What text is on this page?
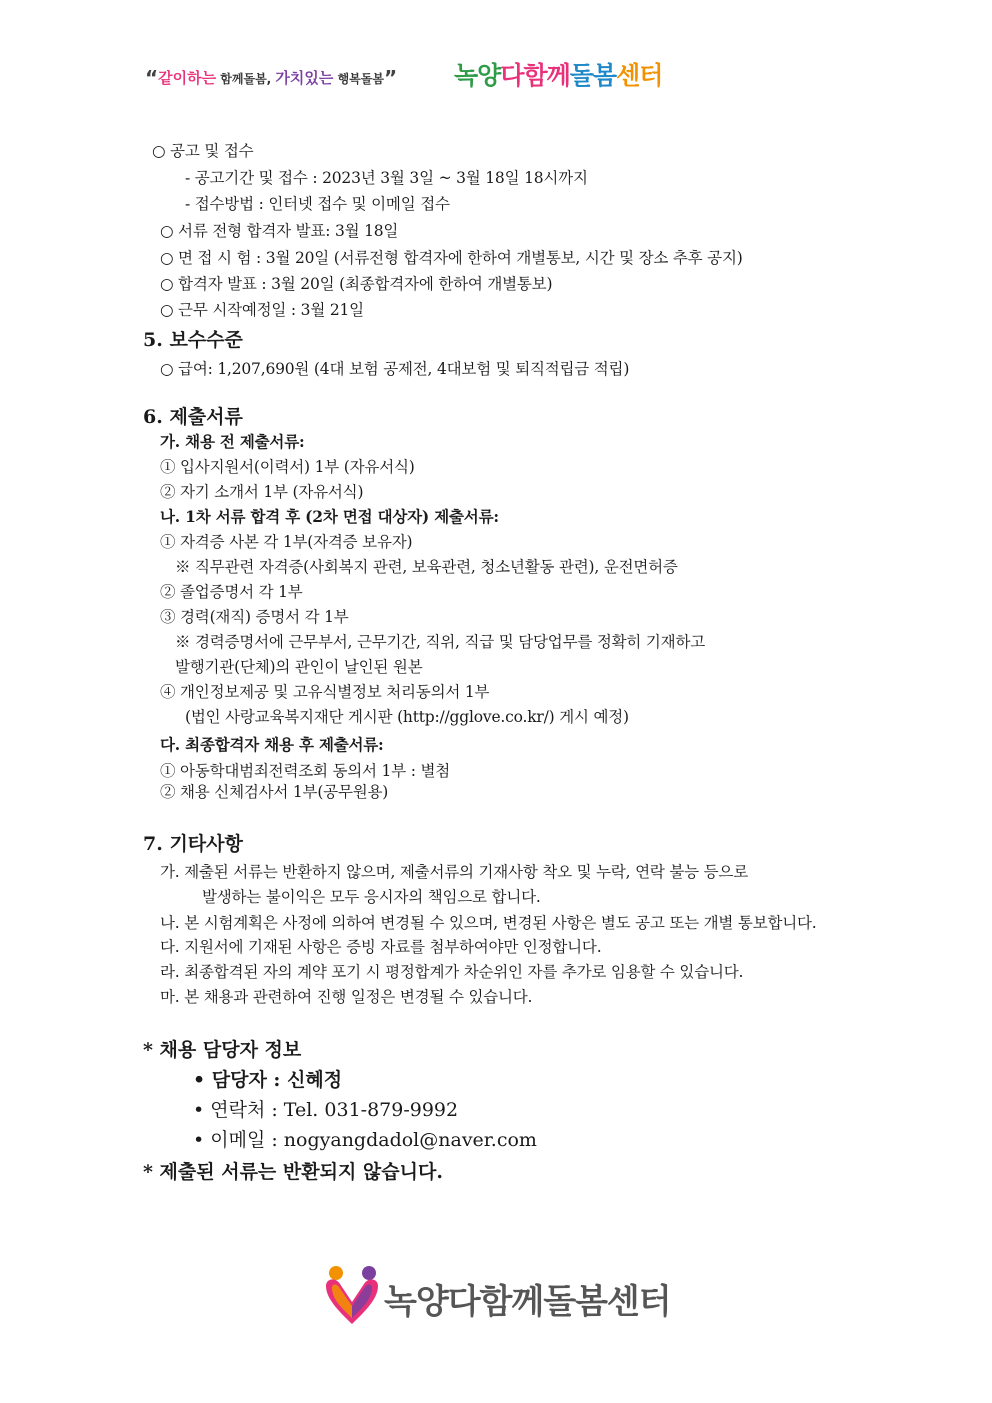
“같이하는 함께돌봄, 가치있는 행복돌봄” 녹양다함께돌봄센터
○ 공고 및 접수
- 공고기간 및 접수 : 2023년 3월 3일 ~ 3월 18일 18시까지
- 접수방법 : 인터넷 접수 및 이메일 접수
○ 서류 전형 합격자 발표: 3월 18일
○ 면 접 시 험 : 3월 20일 (서류전형 합격자에 한하여 개별통보, 시간 및 장소 추후 공지)
○ 합격자 발표 : 3월 20일 (최종합격자에 한하여 개별통보)
○ 근무 시작예정일 : 3월 21일
5. 보수수준
○ 급여: 1,207,690원 (4대 보험 공제전, 4대보험 및 퇴직적립금 적립)
6. 제출서류
가. 채용 전 제출서류:
① 입사지원서(이력서) 1부 (자유서식)
② 자기 소개서 1부 (자유서식)
나. 1차 서류 합격 후 (2차 면접 대상자) 제출서류:
① 자격증 사본 각 1부(자격증 보유자)
※ 직무관련 자격증(사회복지 관련, 보육관련, 청소년활동 관련), 운전면허증
② 졸업증명서 각 1부
③ 경력(재직) 증명서 각 1부
※ 경력증명서에 근무부서, 근무기간, 직위, 직급 및 담당업무를 정확히 기재하고
발행기관(단체)의 관인이 날인된 원본
④ 개인정보제공 및 고유식별정보 처리동의서 1부
(법인 사랑교육복지재단 게시판 (http://gglove.co.kr/) 게시 예정)
다. 최종합격자 채용 후 제출서류:
① 아동학대범죄전력조회 동의서 1부 : 별첨
② 채용 신체검사서 1부(공무원용)
7. 기타사항
가. 제출된 서류는 반환하지 않으며, 제출서류의 기재사항 착오 및 누락, 연락 불능 등으로
발생하는 불이익은 모두 응시자의 책임으로 합니다.
나. 본 시험계획은 사정에 의하여 변경될 수 있으며, 변경된 사항은 별도 공고 또는 개별 통보합니다.
다. 지원서에 기재된 사항은 증빙 자료를 첨부하여야만 인정합니다.
라. 최종합격된 자의 계약 포기 시 평정합계가 차순위인 자를 추가로 임용할 수 있습니다.
마. 본 채용과 관련하여 진행 일정은 변경될 수 있습니다.
* 채용 담당자 정보
• 담당자 : 신혜정
• 연락처 : Tel. 031-879-9992
• 이메일 : nogyangdadol@naver.com
* 제출된 서류는 반환되지 않습니다.
녹양다함께돌봄센터
